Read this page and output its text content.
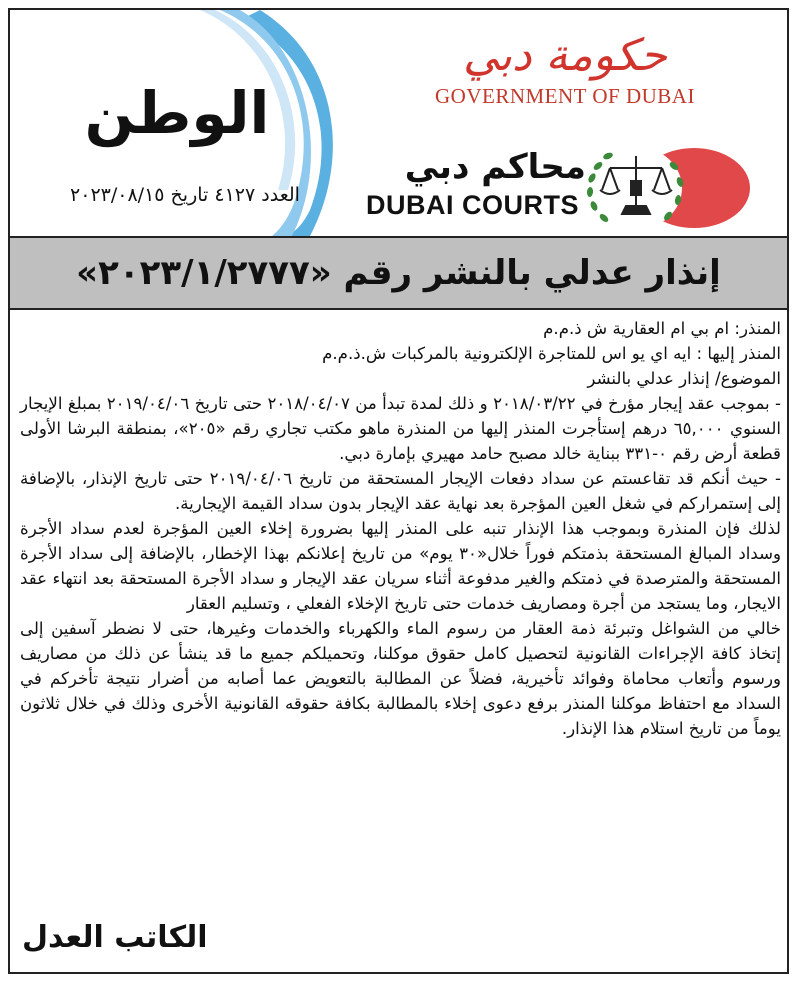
الوطن
العدد ٤١٢٧ تاريخ ٢٠٢٣/٠٨/١٥
حكومة دبي
GOVERNMENT OF DUBAI
محاكم دبي
DUBAI COURTS
إنذار عدلي بالنشر رقم «٢٠٢٣/١/٢٧٧٧»

المنذر: ام بي ام العقارية ش ذ.م.م

المنذر إليها : ايه اي يو اس للمتاجرة الإلكترونية بالمركبات ش.ذ.م.م

الموضوع/ إنذار عدلي بالنشر

- بموجب عقد إيجار مؤرخ في ٢٠١٨/٠٣/٢٢ و ذلك لمدة تبدأ من ٢٠١٨/٠٤/٠٧ حتى تاريخ ٢٠١٩/٠٤/٠٦ بمبلغ الإيجار السنوي ٦٥,٠٠٠ درهم إستأجرت المنذر إليها من المنذرة ماهو مكتب تجاري رقم «٢٠٥»، بمنطقة البرشا الأولى قطعة أرض رقم ٠-٣٣١ ببناية خالد مصبح حامد مهيري بإمارة دبي.

- حيث أنكم قد تقاعستم عن سداد دفعات الإيجار المستحقة من تاريخ ٢٠١٩/٠٤/٠٦ حتى تاريخ الإنذار، بالإضافة إلى إستمراركم في شغل العين المؤجرة بعد نهاية عقد الإيجار بدون سداد القيمة الإيجارية.

لذلك فإن المنذرة وبموجب هذا الإنذار تنبه على المنذر إليها بضرورة إخلاء العين المؤجرة لعدم سداد الأجرة وسداد المبالغ المستحقة بذمتكم فوراً خلال«٣٠ يوم» من تاريخ إعلانكم بهذا الإخطار، بالإضافة إلى سداد الأجرة المستحقة والمترصدة في ذمتكم والغير مدفوعة أثناء سريان عقد الإيجار و سداد الأجرة المستحقة بعد انتهاء عقد الايجار، وما يستجد من أجرة ومصاريف خدمات حتى تاريخ الإخلاء الفعلي ، وتسليم العقار

خالي من الشواغل وتبرئة ذمة العقار من رسوم الماء والكهرباء والخدمات وغيرها، حتى لا نضطر آسفين إلى إتخاذ كافة الإجراءات القانونية لتحصيل كامل حقوق موكلنا، وتحميلكم جميع ما قد ينشأ عن ذلك من مصاريف ورسوم وأتعاب محاماة وفوائد تأخيرية، فضلاً عن المطالبة بالتعويض عما أصابه من أضرار نتيجة تأخركم في السداد مع احتفاظ موكلنا المنذر برفع دعوى إخلاء بالمطالبة بكافة حقوقه القانونية الأخرى وذلك في خلال ثلاثون يوماً من تاريخ استلام هذا الإنذار.

الكاتب العدل
